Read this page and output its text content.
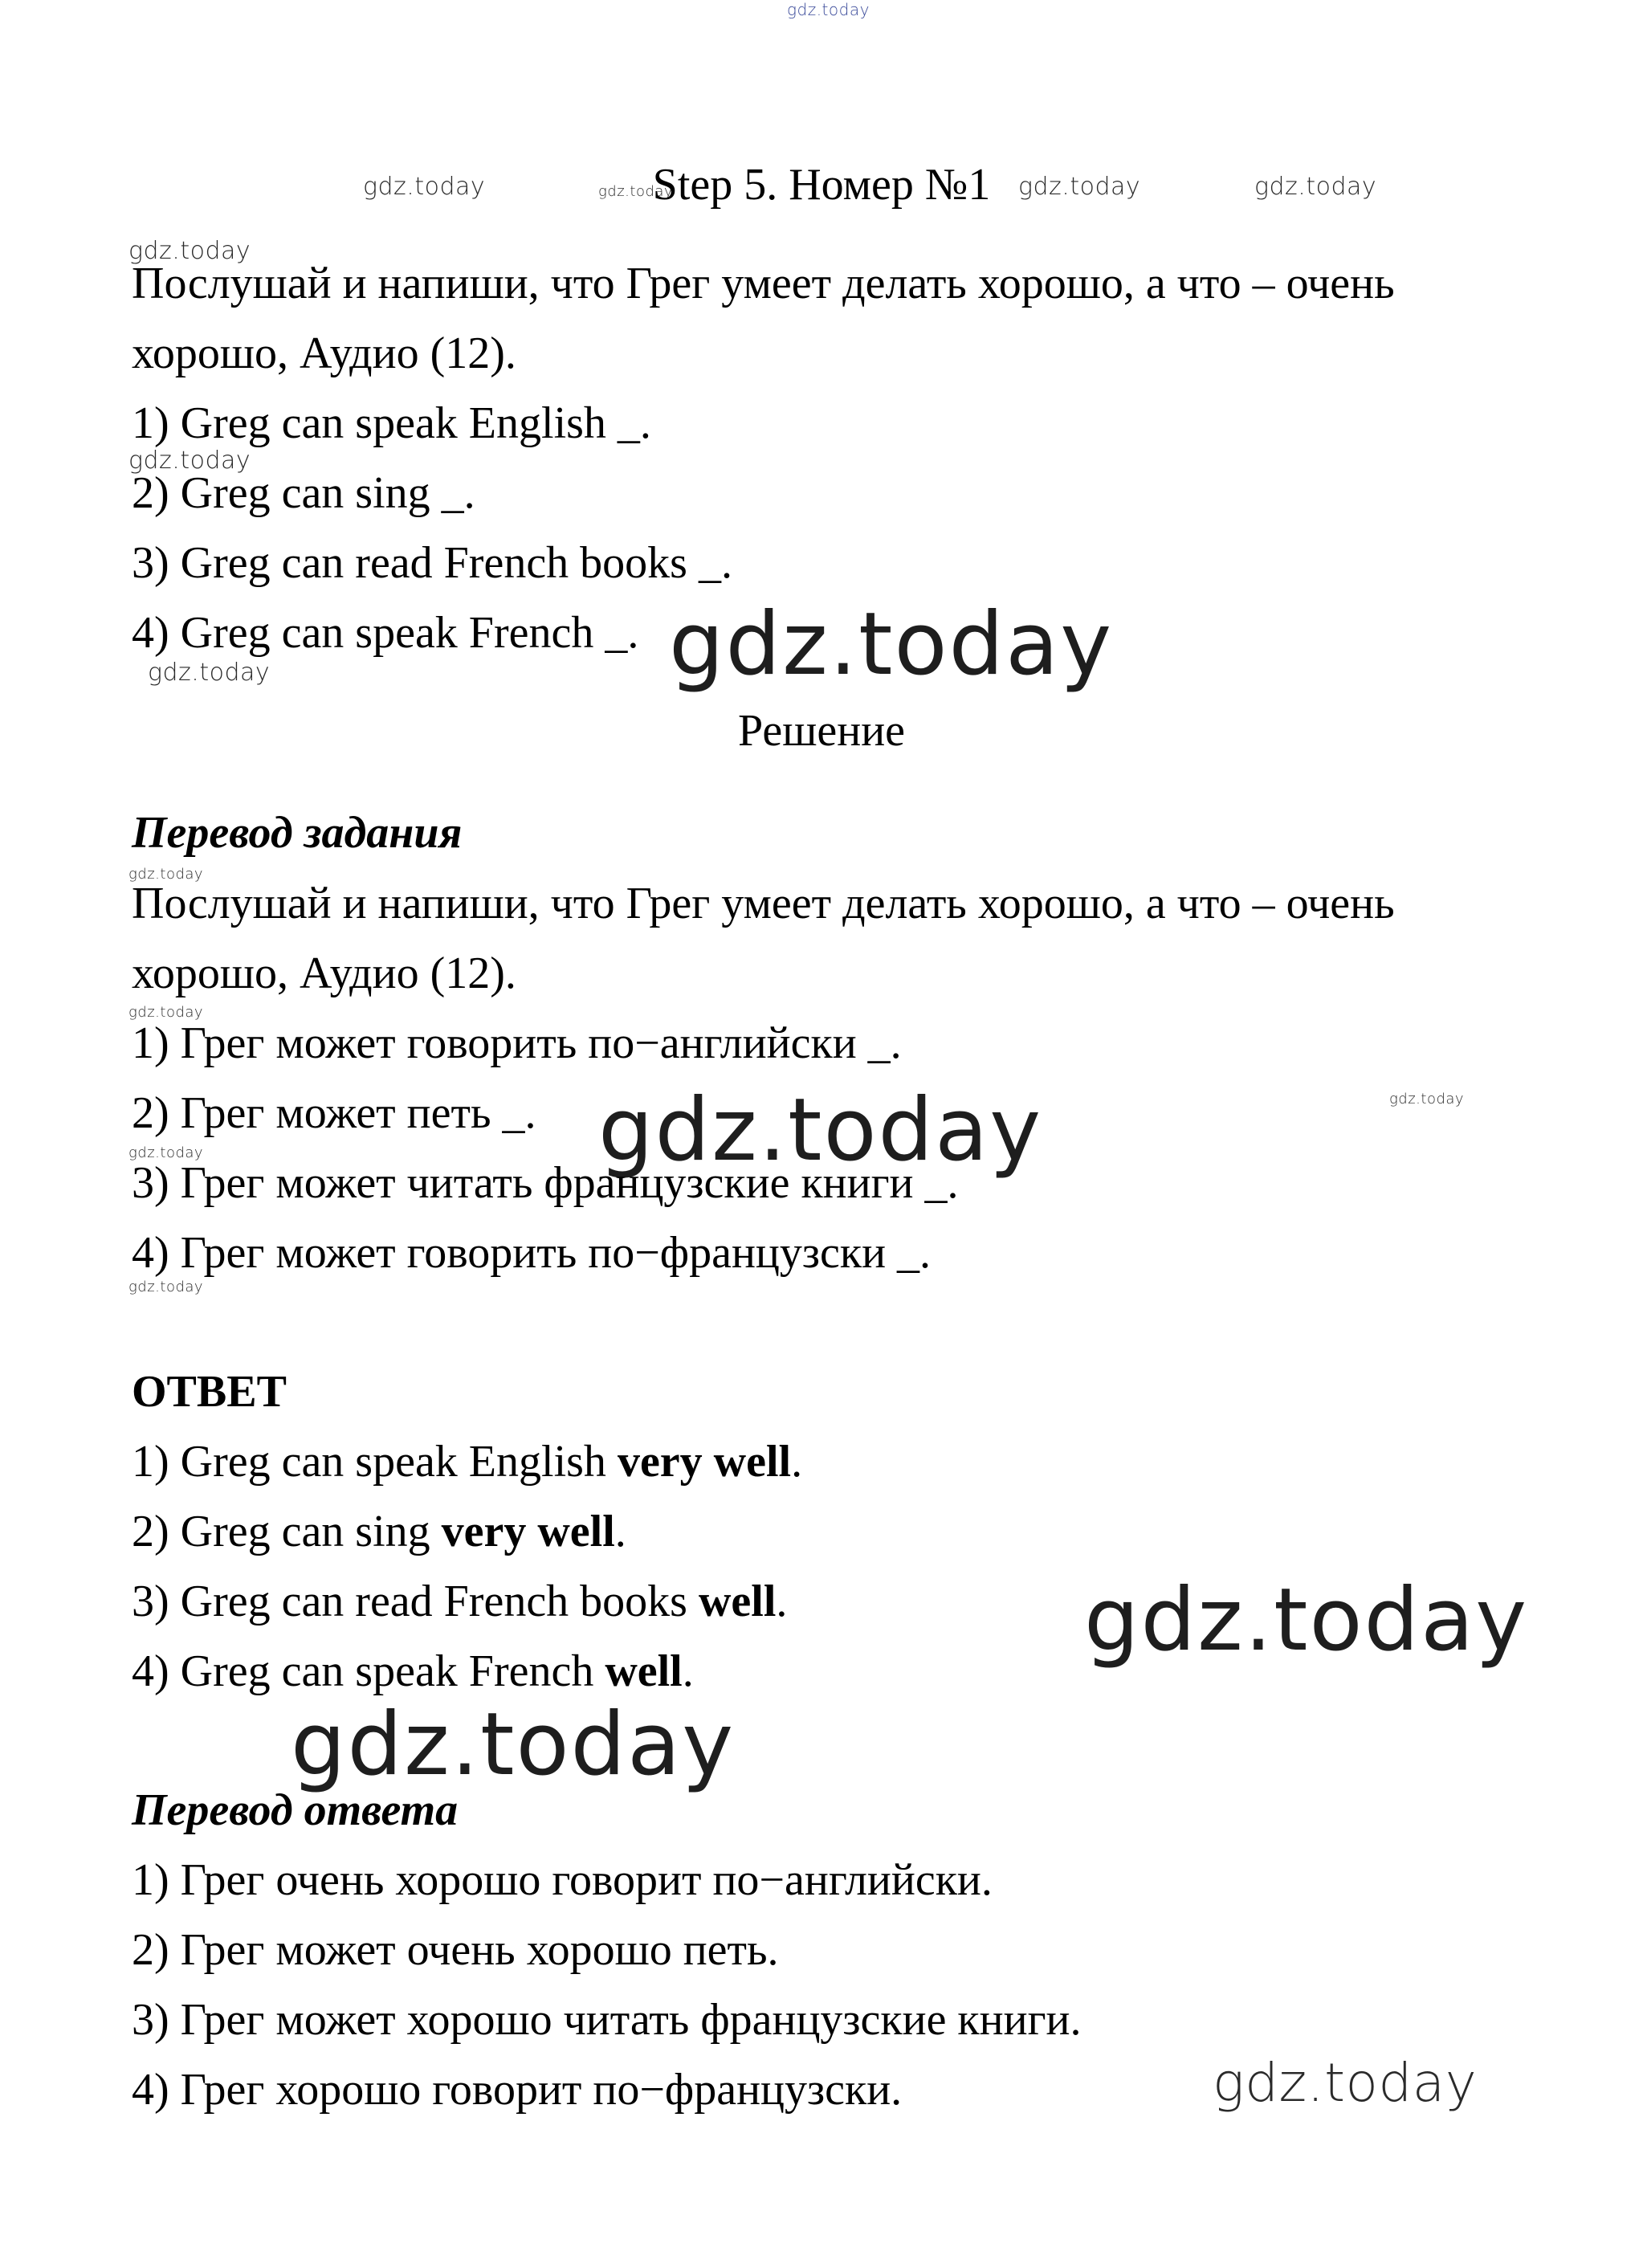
gdz.today
gdz.today	gdz.today	gdz.today	gdz.today
gdz.today
gdz.today
gdz.today	gdz.today
gdz.today
gdz.today
gdz.today
gdz.today
gdz.today
gdz.today
gdz.today
gdz.today
gdz.today
Step 5. Номер №1
Послушай и напиши, что Грег умеет делать хорошо, а что – очень
хорошо, Аудио (12).
1) Greg can speak English _.
2) Greg can sing _.
3) Greg can read French books _.
4) Greg can speak French _.
Решение
Перевод задания
Послушай и напиши, что Грег умеет делать хорошо, а что – очень
хорошо, Аудио (12).
1) Грег может говорить по−английски _.
2) Грег может петь _.
3) Грег может читать французские книги _.
4) Грег может говорить по−французски _.
ОТВЕТ
1) Greg can speak English very well.
2) Greg can sing very well.
3) Greg can read French books well.
4) Greg can speak French well.
Перевод ответа
1) Грег очень хорошо говорит по−английски.
2) Грег может очень хорошо петь.
3) Грег может хорошо читать французские книги.
4) Грег хорошо говорит по−французски.
